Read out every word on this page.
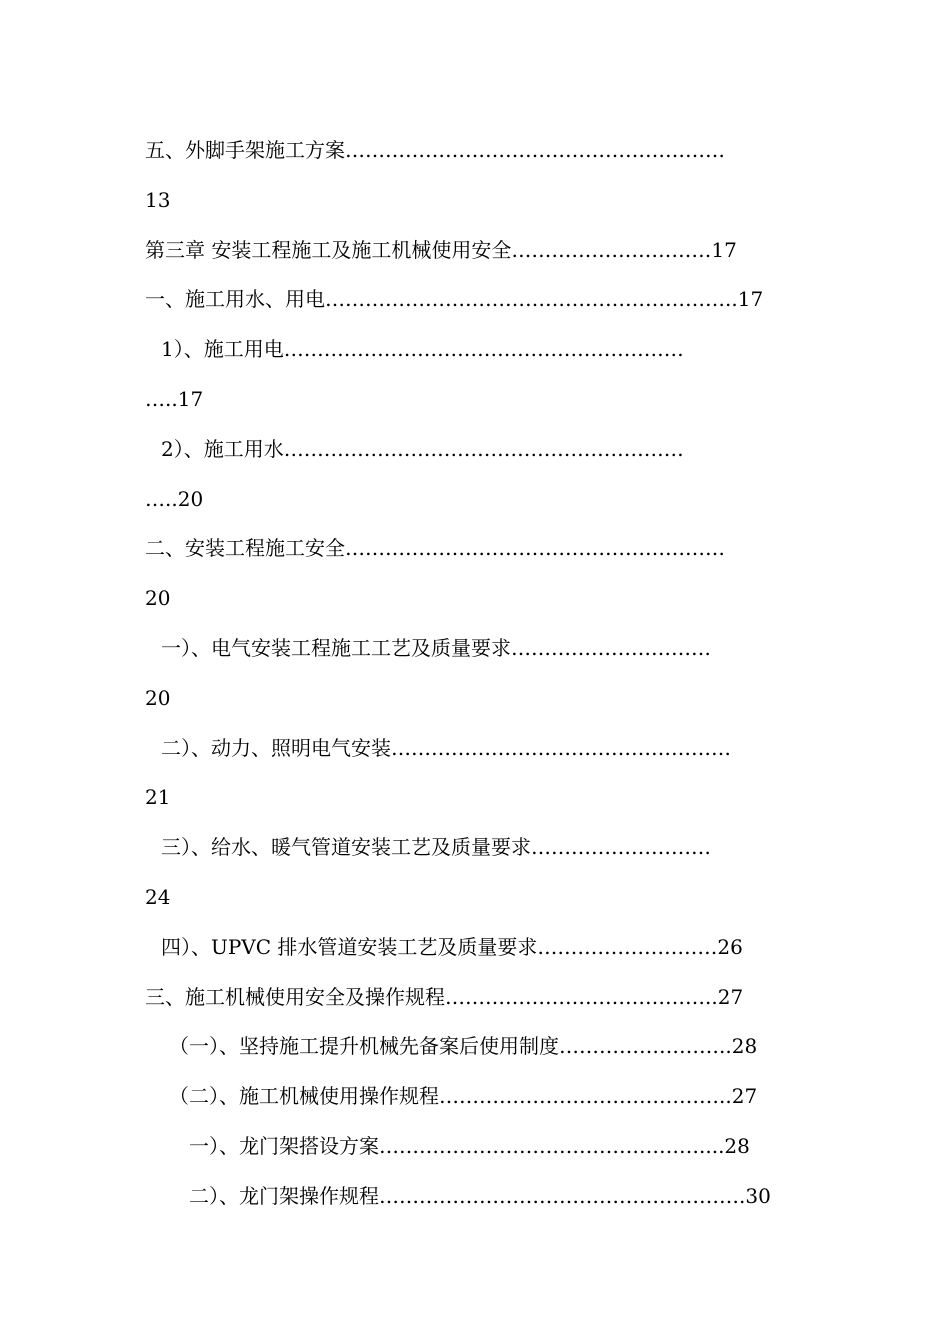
五、外脚手架施工方案…………………………………………………
13
第三章 安装工程施工及施工机械使用安全…………………………17
一、施工用水、用电……………………………………………………..17
1）、施工用电……………………………………………………
…..17
2）、施工用水……………………………………………………
…..20
二、安装工程施工安全…………………………………………………
20
一）、电气安装工程施工工艺及质量要求…………………………
20
二）、动力、照明电气安装……………………………………………
21
三）、给水、暖气管道安装工艺及质量要求………………………
24
四）、UPVC 排水管道安装工艺及质量要求………………………26
三、施工机械使用安全及操作规程…………………………………..27
（一）、坚持施工提升机械先备案后使用制度……………………..28
（二）、施工机械使用操作规程……………………………………..27
一）、龙门架搭设方案…………………………………………....28
二）、龙门架操作规程……………………………………………….30
